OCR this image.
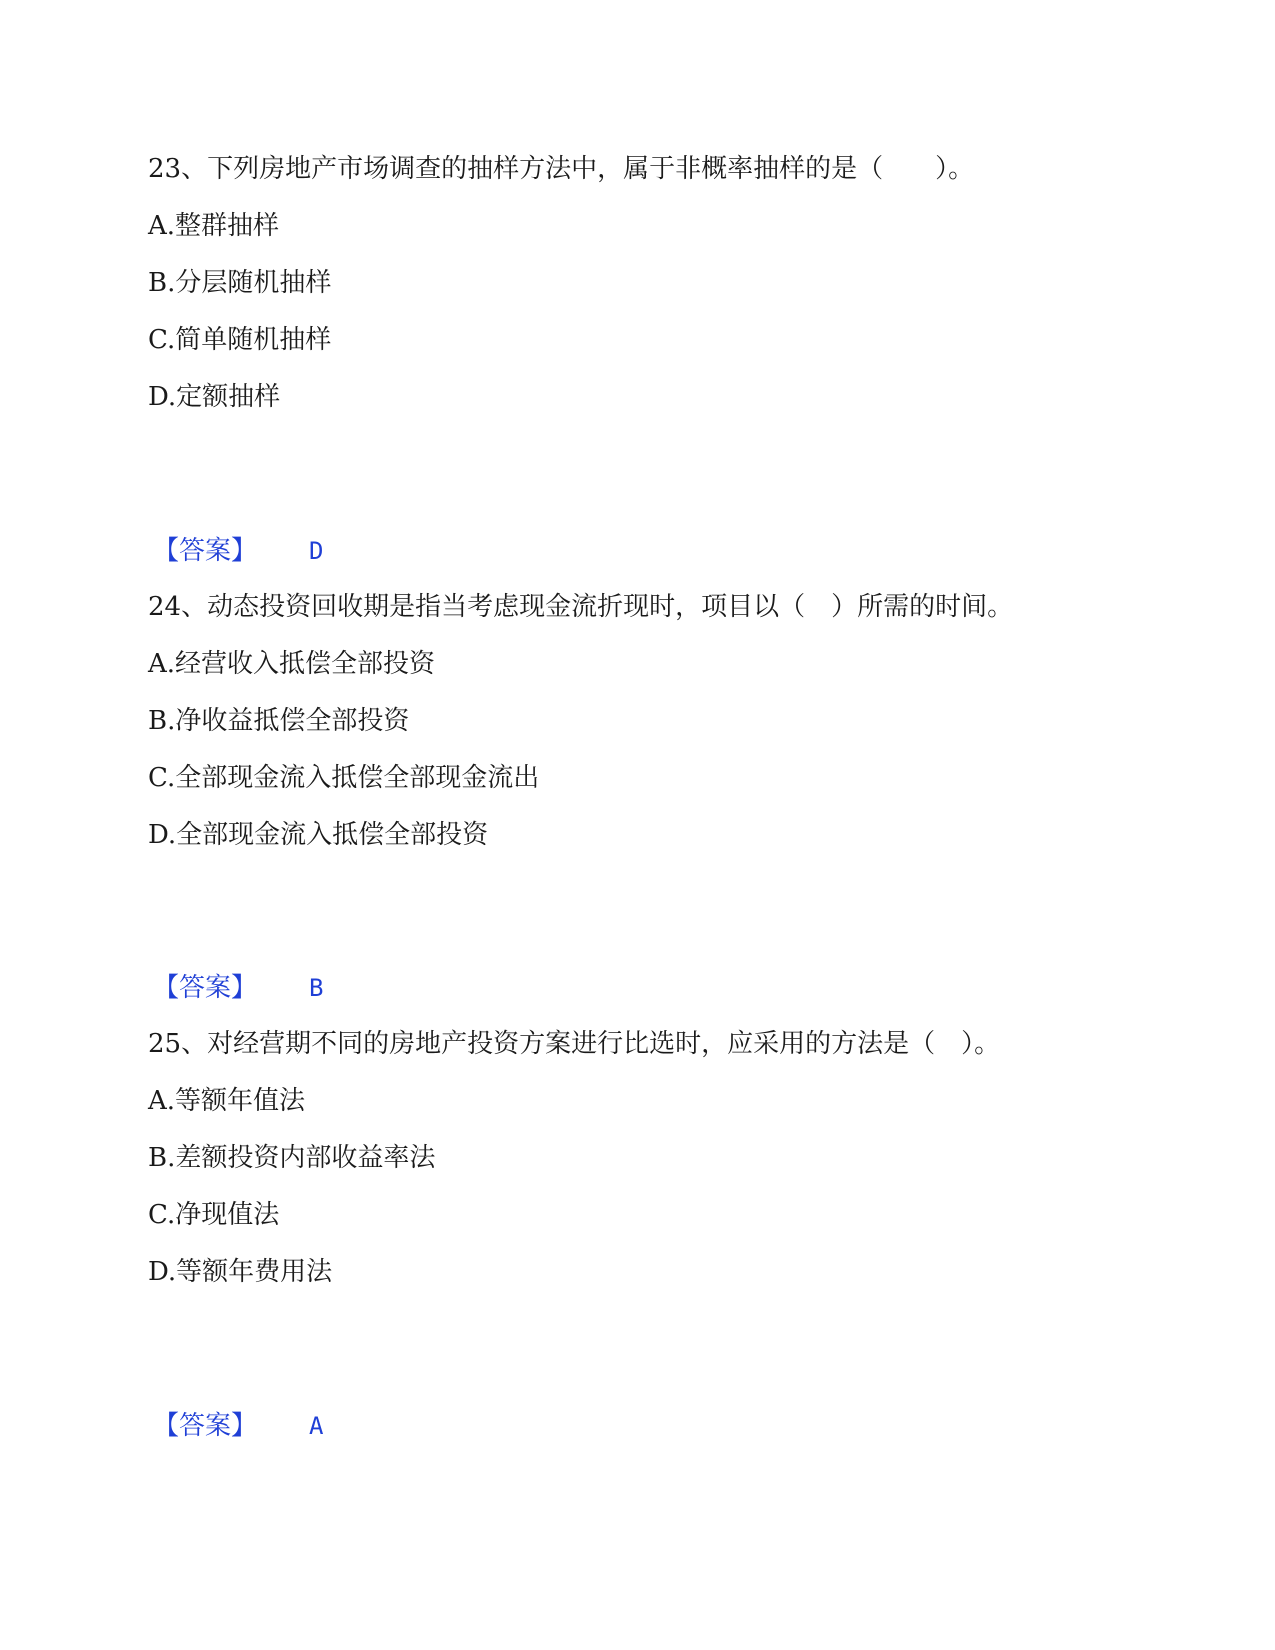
23、下列房地产市场调查的抽样方法中，属于非概率抽样的是（　　）。
A.整群抽样
B.分层随机抽样
C.简单随机抽样
D.定额抽样
【答案】 D
24、动态投资回收期是指当考虑现金流折现时，项目以（　）所需的时间。
A.经营收入抵偿全部投资
B.净收益抵偿全部投资
C.全部现金流入抵偿全部现金流出
D.全部现金流入抵偿全部投资
【答案】 B
25、对经营期不同的房地产投资方案进行比选时，应采用的方法是（　）。
A.等额年值法
B.差额投资内部收益率法
C.净现值法
D.等额年费用法
【答案】 A
